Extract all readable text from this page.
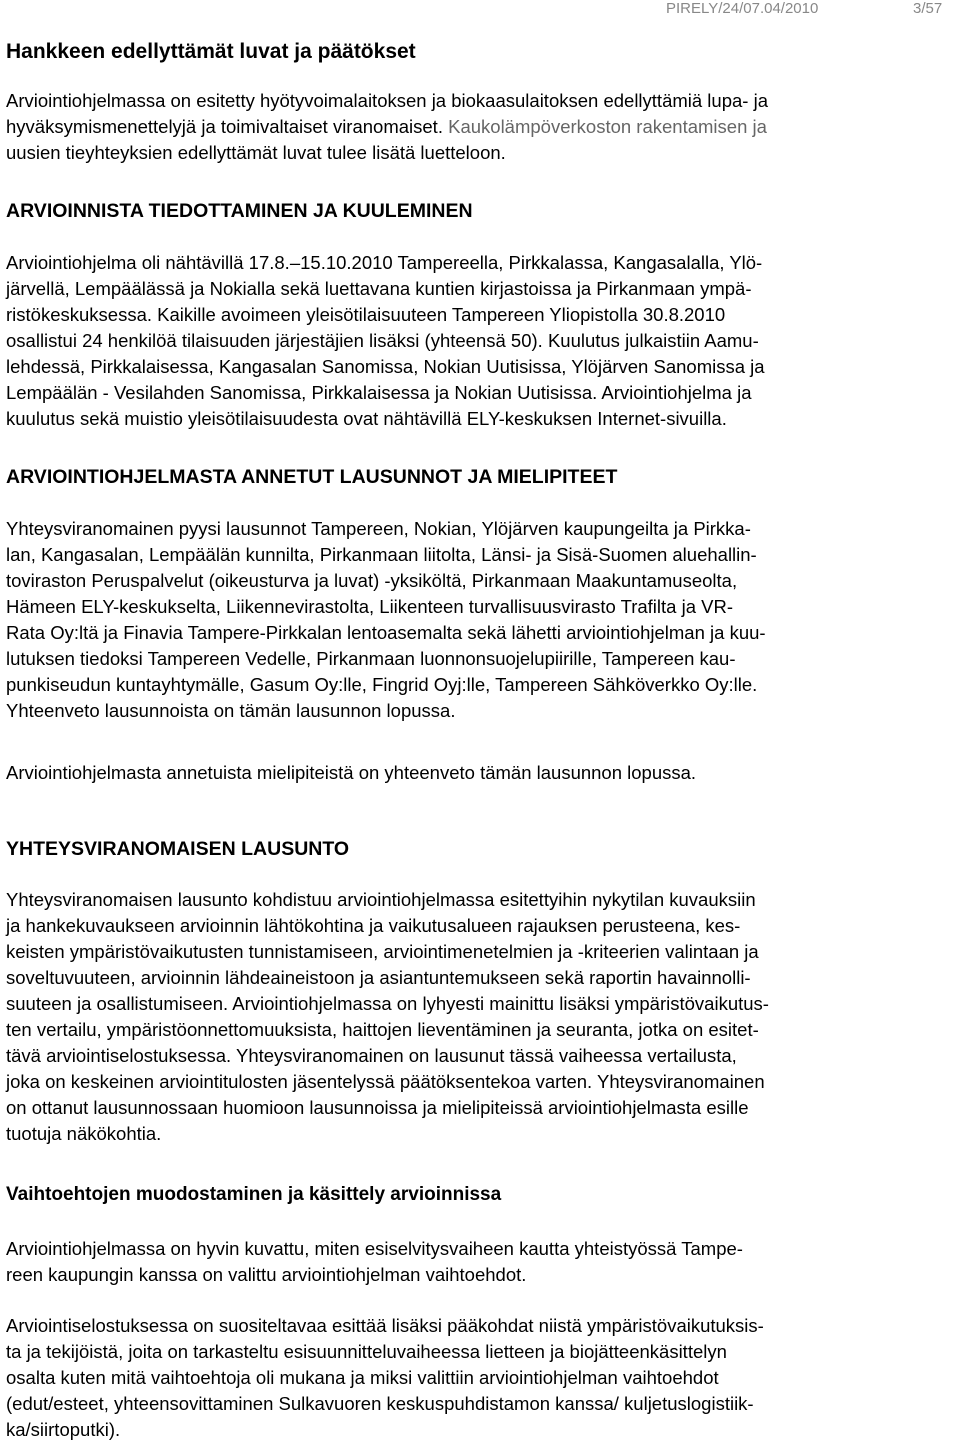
PIRELY/24/07.04/2010	3/57
Hankkeen edellyttämät luvat ja päätökset
Arviointiohjelmassa on esitetty hyötyvoimalaitoksen ja biokaasulaitoksen edellyttämiä lupa- ja
hyväksymismenettelyjä ja toimivaltaiset viranomaiset. Kaukolämpöverkoston rakentamisen ja
uusien tieyhteyksien edellyttämät luvat tulee lisätä luetteloon.
ARVIOINNISTA TIEDOTTAMINEN JA KUULEMINEN
Arviointiohjelma oli nähtävillä 17.8.–15.10.2010 Tampereella, Pirkkalassa, Kangasalalla, Ylö-
järvellä, Lempäälässä ja Nokialla sekä luettavana kuntien kirjastoissa ja Pirkanmaan ympä-
ristökeskuksessa. Kaikille avoimeen yleisötilaisuuteen Tampereen Yliopistolla 30.8.2010
osallistui 24 henkilöä tilaisuuden järjestäjien lisäksi (yhteensä 50). Kuulutus julkaistiin Aamu-
lehdessä, Pirkkalaisessa, Kangasalan Sanomissa, Nokian Uutisissa, Ylöjärven Sanomissa ja
Lempäälän - Vesilahden Sanomissa, Pirkkalaisessa ja Nokian Uutisissa. Arviointiohjelma ja
kuulutus sekä muistio yleisötilaisuudesta ovat nähtävillä ELY-keskuksen Internet-sivuilla.
ARVIOINTIOHJELMASTA ANNETUT LAUSUNNOT JA MIELIPITEET
Yhteysviranomainen pyysi lausunnot Tampereen, Nokian, Ylöjärven kaupungeilta ja Pirkka-
lan, Kangasalan, Lempäälän kunnilta, Pirkanmaan liitolta, Länsi- ja Sisä-Suomen aluehallin-
toviraston Peruspalvelut (oikeusturva ja luvat) -yksiköltä, Pirkanmaan Maakuntamuseolta,
Hämeen ELY-keskukselta, Liikennevirastolta, Liikenteen turvallisuusvirasto Trafilta ja VR-
Rata Oy:ltä ja Finavia Tampere-Pirkkalan lentoasemalta sekä lähetti arviointiohjelman ja kuu-
lutuksen tiedoksi Tampereen Vedelle, Pirkanmaan luonnonsuojelupiirille, Tampereen kau-
punkiseudun kuntayhtymälle, Gasum Oy:lle, Fingrid Oyj:lle, Tampereen Sähköverkko Oy:lle.
Yhteenveto lausunnoista on tämän lausunnon lopussa.
Arviointiohjelmasta annetuista mielipiteistä on yhteenveto tämän lausunnon lopussa.
YHTEYSVIRANOMAISEN LAUSUNTO
Yhteysviranomaisen lausunto kohdistuu arviointiohjelmassa esitettyihin nykytilan kuvauksiin
ja hankekuvaukseen arvioinnin lähtökohtina ja vaikutusalueen rajauksen perusteena, kes-
keisten ympäristövaikutusten tunnistamiseen, arviointimenetelmien ja -kriteerien valintaan ja
soveltuvuuteen, arvioinnin lähdeaineistoon ja asiantuntemukseen sekä raportin havainnolli-
suuteen ja osallistumiseen. Arviointiohjelmassa on lyhyesti mainittu lisäksi ympäristövaikutus-
ten vertailu, ympäristöonnettomuuksista, haittojen lieventäminen ja seuranta, jotka on esitet-
tävä arviointiselostuksessa. Yhteysviranomainen on lausunut tässä vaiheessa vertailusta,
joka on keskeinen arviointitulosten jäsentelyssä päätöksentekoa varten. Yhteysviranomainen
on ottanut lausunnossaan huomioon lausunnoissa ja mielipiteissä arviointiohjelmasta esille
tuotuja näkökohtia.
Vaihtoehtojen muodostaminen ja käsittely arvioinnissa
Arviointiohjelmassa on hyvin kuvattu, miten esiselvitysvaiheen kautta yhteistyössä Tampe-
reen kaupungin kanssa on valittu arviointiohjelman vaihtoehdot.
Arviointiselostuksessa on suositeltavaa esittää lisäksi pääkohdat niistä ympäristövaikutuksis-
ta ja tekijöistä, joita on tarkasteltu esisuunnitteluvaiheessa lietteen ja biojätteenkäsittelyn
osalta kuten mitä vaihtoehtoja oli mukana ja miksi valittiin arviointiohjelman vaihtoehdot
(edut/esteet, yhteensovittaminen Sulkavuoren keskuspuhdistamon kanssa/ kuljetuslogistiik-
ka/siirtoputki).
